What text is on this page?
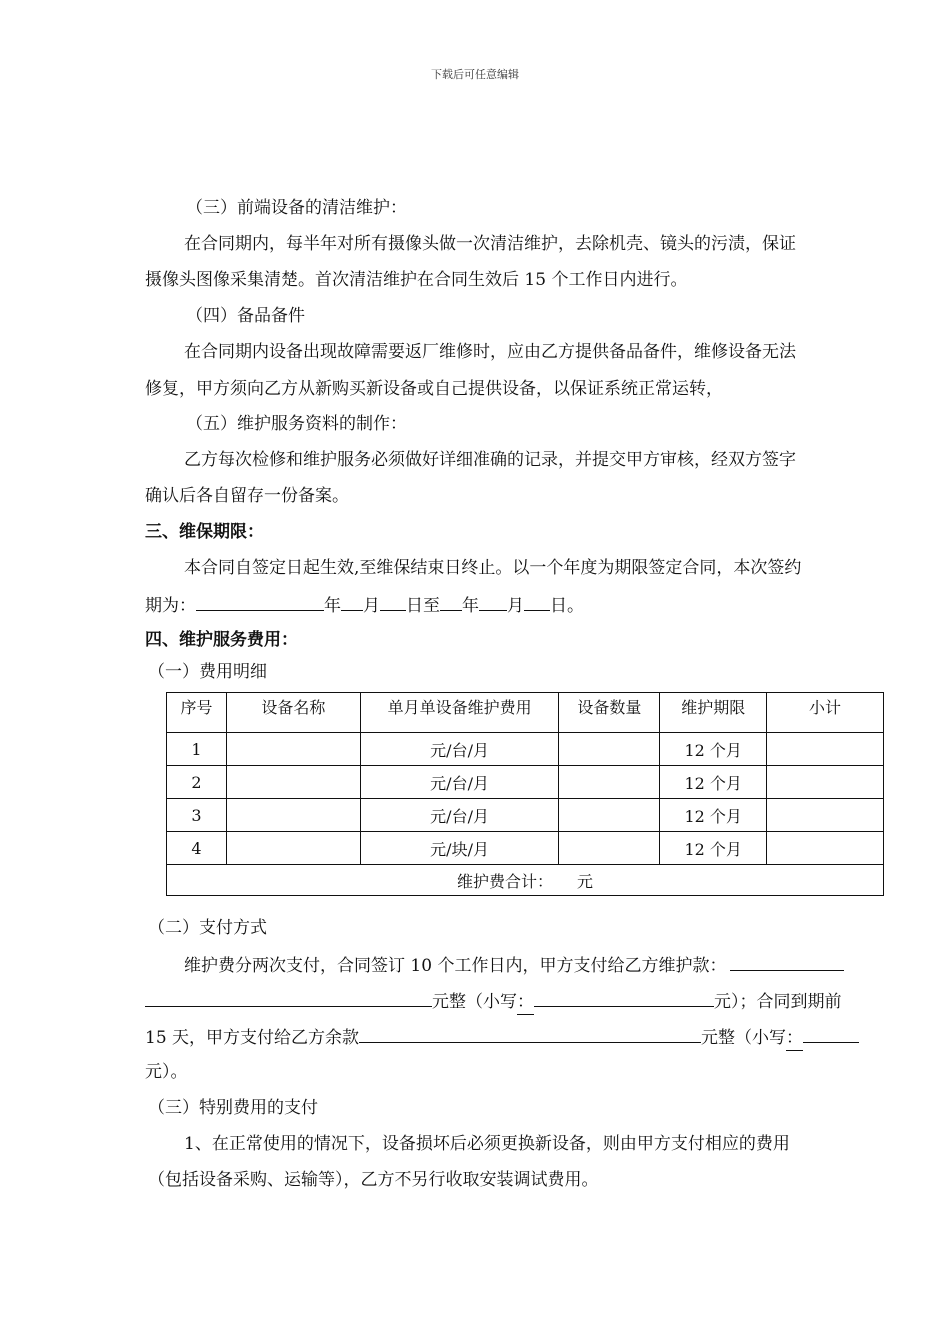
下载后可任意编辑
（三）前端设备的清洁维护：
在合同期内，每半年对所有摄像头做一次清洁维护，去除机壳、镜头的污渍，保证
摄像头图像采集清楚。首次清洁维护在合同生效后 15 个工作日内进行。
（四）备品备件
在合同期内设备出现故障需要返厂维修时，应由乙方提供备品备件，维修设备无法
修复，甲方须向乙方从新购买新设备或自己提供设备，以保证系统正常运转，
（五）维护服务资料的制作：
乙方每次检修和维护服务必须做好详细准确的记录，并提交甲方审核，经双方签字
确认后各自留存一份备案。
三、维保期限：
本合同自签定日起生效,至维保结束日终止。以一个年度为期限签定合同，本次签约
期为：	年 月 日至 年 月 日。
四、维护服务费用：
（一）费用明细
序号	设备名称	单月单设备维护费用	设备数量	维护期限	小计
1		元/台/月		12 个月	
2		元/台/月		12 个月	
3		元/台/月		12 个月	
4		元/块/月		12 个月	
维护费合计：　　元					
（二）支付方式
维护费分两次支付，合同签订 10 个工作日内，甲方支付给乙方维护款：
元整（小写：	元）；合同到期前
15 天，甲方支付给乙方余款	元整（小写：
元）。
（三）特别费用的支付
1、在正常使用的情况下，设备损坏后必须更换新设备，则由甲方支付相应的费用
（包括设备采购、运输等），乙方不另行收取安装调试费用。
